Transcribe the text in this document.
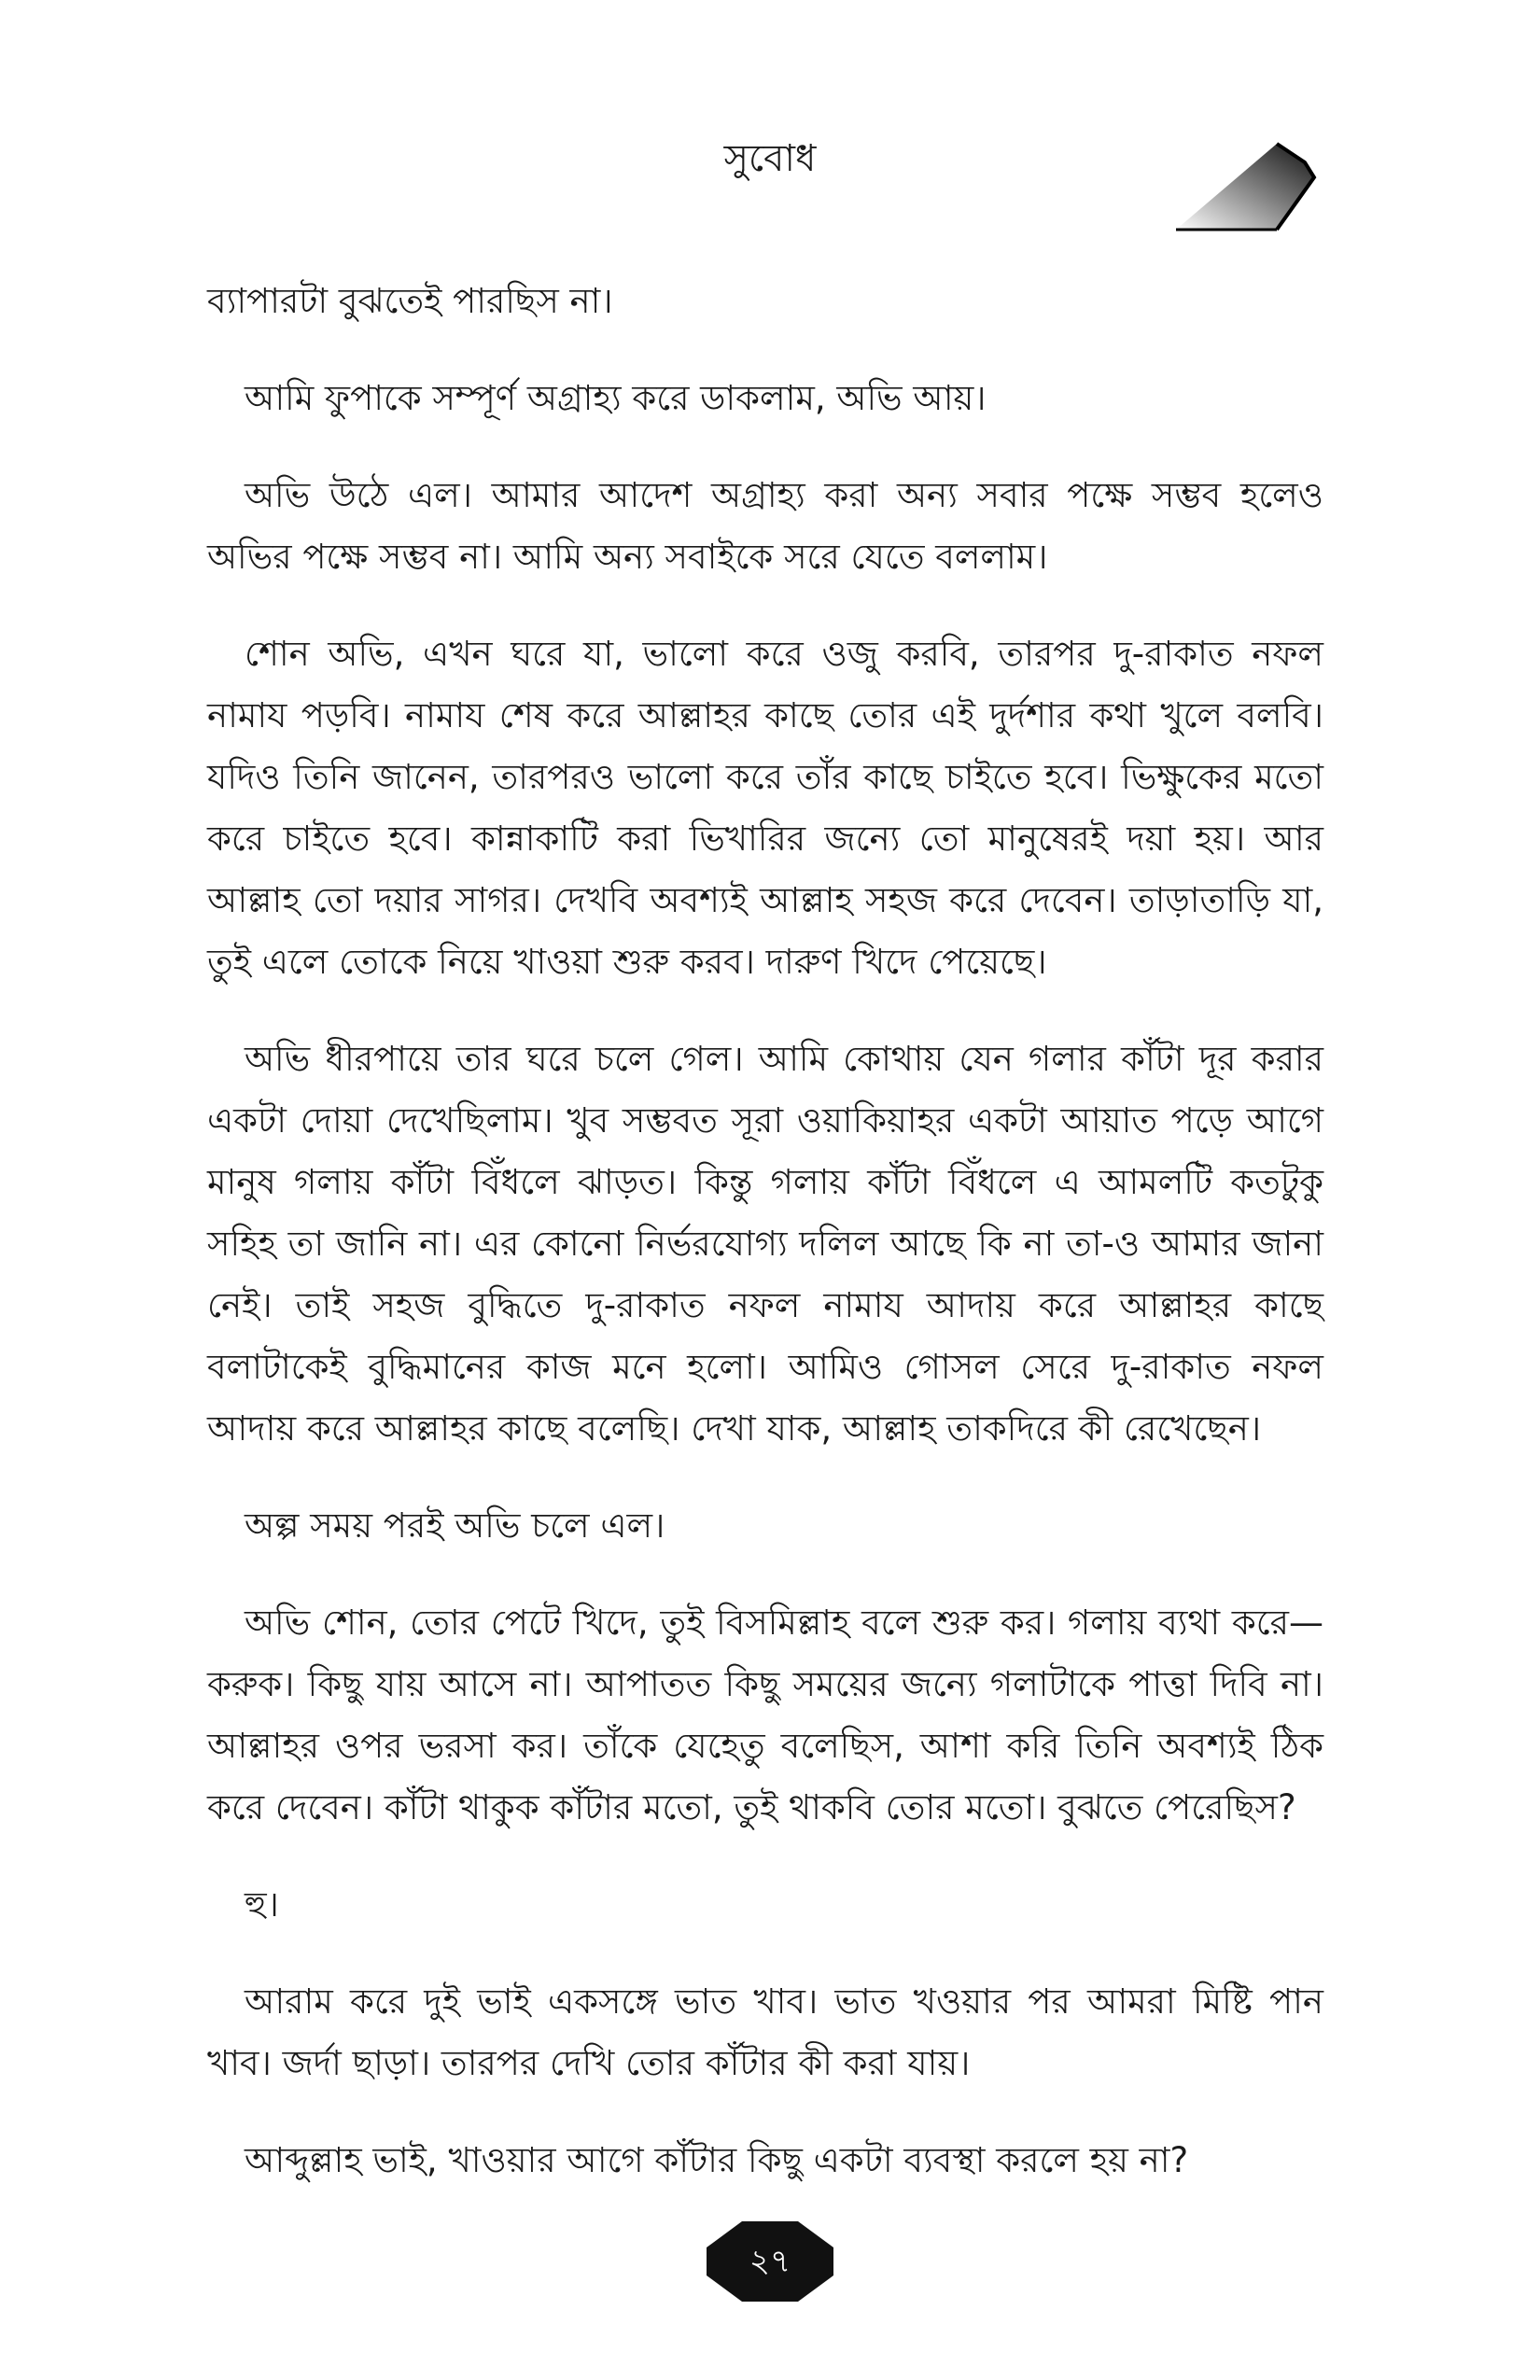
সুবোধ

ব্যাপারটা বুঝতেই পারছিস না।

আমি ফুপাকে সম্পূর্ণ অগ্রাহ্য করে ডাকলাম, অভি আয়।

অভি উঠে এল। আমার আদেশ অগ্রাহ্য করা অন্য সবার পক্ষে সম্ভব হলেও অভির পক্ষে সম্ভব না। আমি অন্য সবাইকে সরে যেতে বললাম।

শোন অভি, এখন ঘরে যা, ভালো করে ওজু করবি, তারপর দু-রাকাত নফল নামায পড়বি। নামায শেষ করে আল্লাহর কাছে তোর এই দুর্দশার কথা খুলে বলবি। যদিও তিনি জানেন, তারপরও ভালো করে তাঁর কাছে চাইতে হবে। ভিক্ষুকের মতো করে চাইতে হবে। কান্নাকাটি করা ভিখারির জন্যে তো মানুষেরই দয়া হয়। আর আল্লাহ তো দয়ার সাগর। দেখবি অবশ্যই আল্লাহ সহজ করে দেবেন। তাড়াতাড়ি যা, তুই এলে তোকে নিয়ে খাওয়া শুরু করব। দারুণ খিদে পেয়েছে।

অভি ধীরপায়ে তার ঘরে চলে গেল। আমি কোথায় যেন গলার কাঁটা দূর করার একটা দোয়া দেখেছিলাম। খুব সম্ভবত সূরা ওয়াকিয়াহর একটা আয়াত পড়ে আগে মানুষ গলায় কাঁটা বিঁধলে ঝাড়ত। কিন্তু গলায় কাঁটা বিঁধলে এ আমলটি কতটুকু সহিহ তা জানি না। এর কোনো নির্ভরযোগ্য দলিল আছে কি না তা-ও আমার জানা নেই। তাই সহজ বুদ্ধিতে দু-রাকাত নফল নামায আদায় করে আল্লাহর কাছে বলাটাকেই বুদ্ধিমানের কাজ মনে হলো। আমিও গোসল সেরে দু-রাকাত নফল আদায় করে আল্লাহর কাছে বলেছি। দেখা যাক, আল্লাহ তাকদিরে কী রেখেছেন।

অল্প সময় পরই অভি চলে এল।

অভি শোন, তোর পেটে খিদে, তুই বিসমিল্লাহ বলে শুরু কর। গলায় ব্যথা করে—করুক। কিছু যায় আসে না। আপাতত কিছু সময়ের জন্যে গলাটাকে পাত্তা দিবি না। আল্লাহর ওপর ভরসা কর। তাঁকে যেহেতু বলেছিস, আশা করি তিনি অবশ্যই ঠিক করে দেবেন। কাঁটা থাকুক কাঁটার মতো, তুই থাকবি তোর মতো। বুঝতে পেরেছিস?

হু।

আরাম করে দুই ভাই একসঙ্গে ভাত খাব। ভাত খওয়ার পর আমরা মিষ্টি পান খাব। জর্দা ছাড়া। তারপর দেখি তোর কাঁটার কী করা যায়।

আব্দুল্লাহ ভাই, খাওয়ার আগে কাঁটার কিছু একটা ব্যবস্থা করলে হয় না?

২৭
